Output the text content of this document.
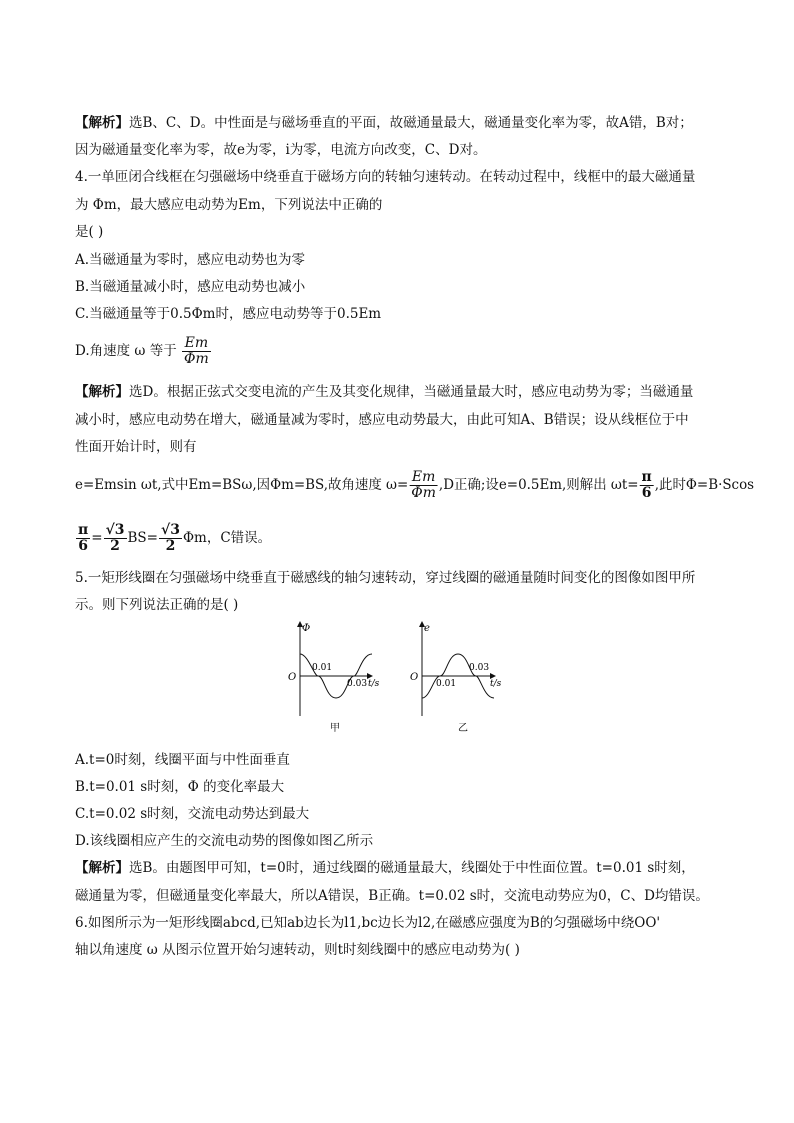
【解析】选B、C、D。中性面是与磁场垂直的平面，故磁通量最大，磁通量变化率为零，故A错，B对；
因为磁通量变化率为零，故e为零，i为零，电流方向改变，C、D对。
4.一单匝闭合线框在匀强磁场中绕垂直于磁场方向的转轴匀速转动。在转动过程中，线框中的最大磁通量
为 Φm，最大感应电动势为Em，下列说法中正确的
是( )
A.当磁通量为零时，感应电动势也为零
B.当磁通量减小时，感应电动势也减小
C.当磁通量等于0.5Φm时，感应电动势等于0.5Em
D.角速度 ω 等于 $\frac{Em}{\Phi m}$
【解析】选D。根据正弦式交变电流的产生及其变化规律，当磁通量最大时，感应电动势为零；当磁通量
减小时，感应电动势在增大，磁通量减为零时，感应电动势最大，由此可知A、B错误；设从线框位于中
性面开始计时，则有
e=Emsin ωt,式中Em=BSω,因Φm=BS,故角速度 $\omega= \frac{Em}{\Phi m} ,D$正确;设e=0.5Em,则解出 $\omega t= \frac{\pi}{6}$ ,此时Φ=B·Scos
$\frac{\pi}{6} = \frac{√3}{2} BS= \frac{√3}{2}$ Φm，C错误。
5.一矩形线圈在匀强磁场中绕垂直于磁感线的轴匀速转动，穿过线圈的磁通量随时间变化的图像如图甲所
示。则下列说法正确的是( )
Φ
O
0.01
0.03 t/s
甲
e
O
0.01
0.03
t/s
乙
A.t=0时刻，线圈平面与中性面垂直
B.t=0.01 s时刻，Φ 的变化率最大
C.t=0.02 s时刻，交流电动势达到最大
D.该线圈相应产生的交流电动势的图像如图乙所示
【解析】选B。由题图甲可知，t=0时，通过线圈的磁通量最大，线圈处于中性面位置。t=0.01 s时刻，
磁通量为零，但磁通量变化率最大，所以A错误，B正确。t=0.02 s时，交流电动势应为0，C、D均错误。
6.如图所示为一矩形线圈abcd,已知ab边长为l1,bc边长为l2,在磁感应强度为B的匀强磁场中绕OO'
轴以角速度 ω 从图示位置开始匀速转动，则t时刻线圈中的感应电动势为( )
